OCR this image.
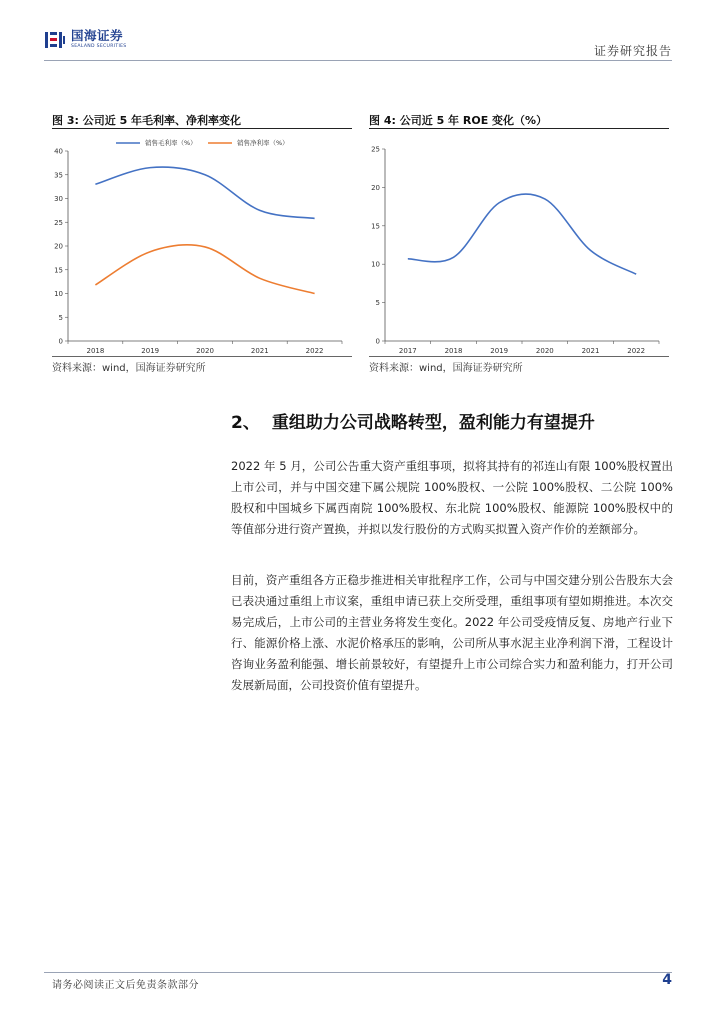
国海证券
SEALAND SECURITIES	证券研究报告
图 3: 公司近 5 年毛利率、净利率变化
0
5
10
15
20
25
30
35
40
2018	2019	2020	2021	2022
销售毛利率（%）	销售净利率（%）
资料来源：wind，国海证券研究所
图 4: 公司近 5 年 ROE 变化（%）
0
5
10
15
20
25
2017	2018	2019	2020	2021	2022
资料来源：wind，国海证券研究所
2、 重组助力公司战略转型，盈利能力有望提升
2022 年 5 月，公司公告重大资产重组事项，拟将其持有的祁连山有限 100%股权置出上市公司，并与中国交建下属公规院 100%股权、一公院 100%股权、二公院 100%股权和中国城乡下属西南院 100%股权、东北院 100%股权、能源院 100%股权中的等值部分进行资产置换，并拟以发行股份的方式购买拟置入资产作价的差额部分。
目前，资产重组各方正稳步推进相关审批程序工作，公司与中国交建分别公告股东大会已表决通过重组上市议案，重组申请已获上交所受理，重组事项有望如期推进。本次交易完成后，上市公司的主营业务将发生变化。2022 年公司受疫情反复、房地产行业下行、能源价格上涨、水泥价格承压的影响，公司所从事水泥主业净利润下滑，工程设计咨询业务盈利能强、增长前景较好，有望提升上市公司综合实力和盈利能力，打开公司发展新局面，公司投资价值有望提升。
请务必阅读正文后免责条款部分	4
